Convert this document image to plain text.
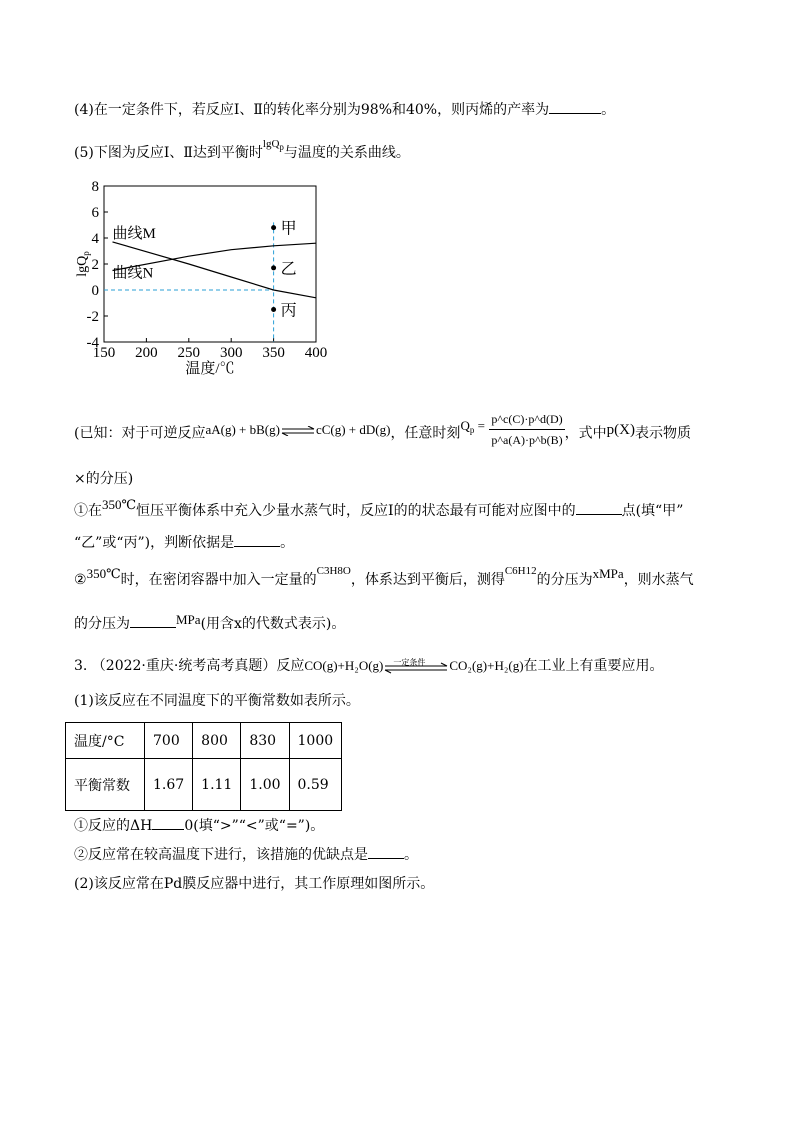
(4)在一定条件下，若反应Ⅰ、Ⅱ的转化率分别为98%和40%，则丙烯的产率为	。
(5)下图为反应Ⅰ、Ⅱ达到平衡时$^{lgQ_p}$与温度的关系曲线。
150 200 250 300 350 400
-4
-2
0
2
4
6
8
温度/℃
lgQ$_p$
曲线M
曲线N
甲
乙
丙
(已知：对于可逆反应aA(g) + bB(g)⇌cC(g) + dD(g)，任意时刻$Q_p = \frac{p\^{}c(C)\cdot p\^{}d(D)}{p\^{}a(A)\cdot p\^{}b(B)}$ ，式中p(X)表示物质
×的分压)
①在350℃恒压平衡体系中充入少量水蒸气时，反应Ⅰ的的状态最有可能对应图中的	点(填“甲”
“乙”或“丙”)，判断依据是	。
②350℃时，在密闭容器中加入一定量的$^{C3H8O}$，体系达到平衡后，测得$^{C6H12}$的分压为xMPa，则水蒸气
的分压为	MPa(用含x的代数式表示)。
3. （2022·重庆·统考高考真题）反应CO(g)+H₂O(g) 一定条件 CO₂(g)+H₂(g)在工业上有重要应用。
(1)该反应在不同温度下的平衡常数如表所示。
温度/°C	700	800	830	1000
平衡常数	1.67	1.11	1.00	0.59
①反应的ΔH 0(填“>”“<”或“=”)。
②反应常在较高温度下进行，该措施的优缺点是	。
(2)该反应常在Pd膜反应器中进行，其工作原理如图所示。
